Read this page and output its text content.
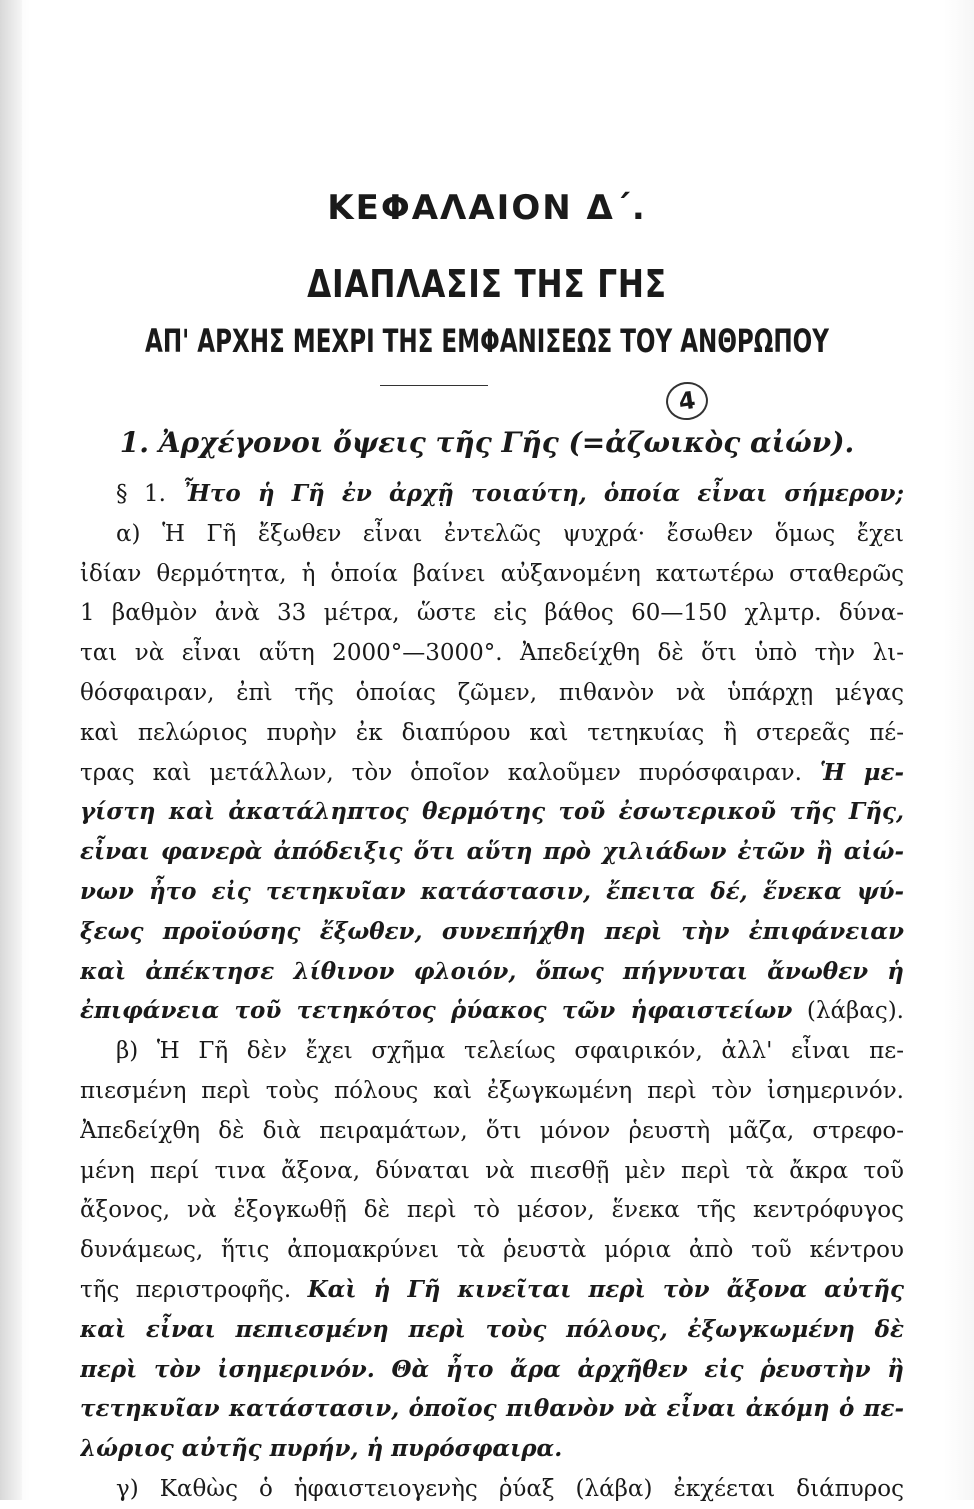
ΚΕΦΑΛΑΙΟΝ Δ΄.
ΔΙΑΠΛΑΣΙΣ ΤΗΣ ΓΗΣ
ΑΠ' ΑΡΧΗΣ ΜΕΧΡΙ ΤΗΣ ΕΜΦΑΝΙΣΕΩΣ ΤΟΥ ΑΝΘΡΩΠΟΥ
4
1. Ἀρχέγονοι ὄψεις τῆς Γῆς (=ἀζωικὸς αἰών).
§ 1. Ἦτο ἡ Γῆ ἐν ἀρχῇ τοιαύτη, ὁποία εἶναι σήμερον;
α) Ἡ Γῆ ἔξωθεν εἶναι ἐντελῶς ψυχρά· ἔσωθεν ὅμως ἔχει
ἰδίαν θερμότητα, ἡ ὁποία βαίνει αὐξανομένη κατωτέρω σταθερῶς
1 βαθμὸν ἀνὰ 33 μέτρα, ὥστε εἰς βάθος 60—150 χλμτρ. δύνα-
ται νὰ εἶναι αὕτη 2000°—3000°. Ἀπεδείχθη δὲ ὅτι ὑπὸ τὴν λι-
θόσφαιραν, ἐπὶ τῆς ὁποίας ζῶμεν, πιθανὸν νὰ ὑπάρχῃ μέγας
καὶ πελώριος πυρὴν ἐκ διαπύρου καὶ τετηκυίας ἢ στερεᾶς πέ-
τρας καὶ μετάλλων, τὸν ὁποῖον καλοῦμεν πυρόσφαιραν. Ἡ με-
γίστη καὶ ἀκατάληπτος θερμότης τοῦ ἐσωτερικοῦ τῆς Γῆς,
εἶναι φανερὰ ἀπόδειξις ὅτι αὕτη πρὸ χιλιάδων ἐτῶν ἢ αἰώ-
νων ἦτο εἰς τετηκυῖαν κατάστασιν, ἔπειτα δέ, ἕνεκα ψύ-
ξεως προϊούσης ἔξωθεν, συνεπήχθη περὶ τὴν ἐπιφάνειαν
καὶ ἀπέκτησε λίθινον φλοιόν, ὅπως πήγνυται ἄνωθεν ἡ
ἐπιφάνεια τοῦ τετηκότος ῥύακος τῶν ἡφαιστείων (λάβας).
β) Ἡ Γῆ δὲν ἔχει σχῆμα τελείως σφαιρικόν, ἀλλ' εἶναι πε-
πιεσμένη περὶ τοὺς πόλους καὶ ἐξωγκωμένη περὶ τὸν ἰσημερινόν.
Ἀπεδείχθη δὲ διὰ πειραμάτων, ὅτι μόνον ῥευστὴ μᾶζα, στρεφο-
μένη περί τινα ἄξονα, δύναται νὰ πιεσθῇ μὲν περὶ τὰ ἄκρα τοῦ
ἄξονος, νὰ ἐξογκωθῇ δὲ περὶ τὸ μέσον, ἕνεκα τῆς κεντρόφυγος
δυνάμεως, ἥτις ἀπομακρύνει τὰ ῥευστὰ μόρια ἀπὸ τοῦ κέντρου
τῆς περιστροφῆς. Καὶ ἡ Γῆ κινεῖται περὶ τὸν ἄξονα αὐτῆς
καὶ εἶναι πεπιεσμένη περὶ τοὺς πόλους, ἐξωγκωμένη δὲ
περὶ τὸν ἰσημερινόν. Θὰ ἦτο ἄρα ἀρχῆθεν εἰς ῥευστὴν ἢ
τετηκυῖαν κατάστασιν, ὁποῖος πιθανὸν νὰ εἶναι ἀκόμη ὁ πε-
λώριος αὐτῆς πυρήν, ἡ πυρόσφαιρα.
γ) Καθὼς ὁ ἡφαιστειογενὴς ῥύαξ (λάβα) ἐκχέεται διάπυρος
